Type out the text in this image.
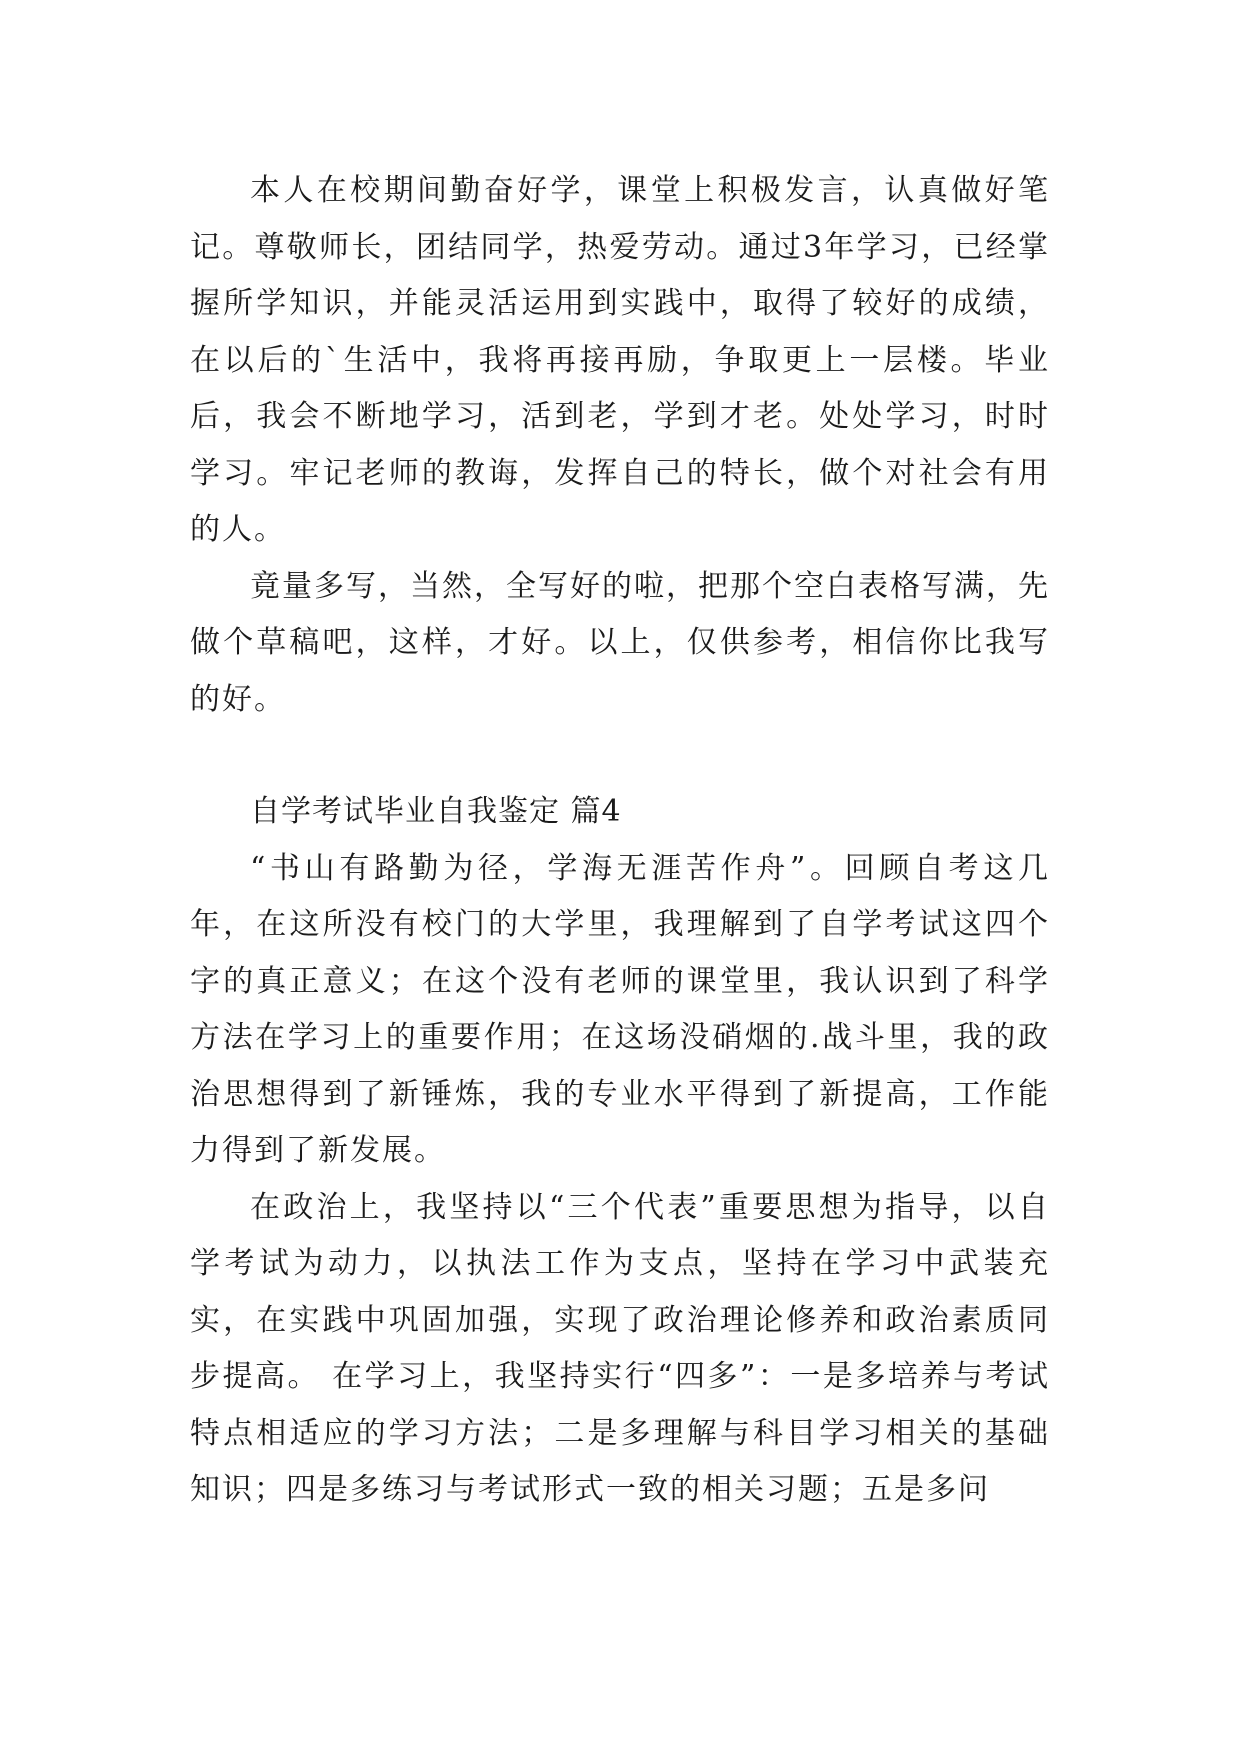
本人在校期间勤奋好学，课堂上积极发言，认真做好笔记。尊敬师长，团结同学，热爱劳动。通过3年学习，已经掌握所学知识，并能灵活运用到实践中，取得了较好的成绩，在以后的`生活中，我将再接再励，争取更上一层楼。毕业后，我会不断地学习，活到老，学到才老。处处学习，时时学习。牢记老师的教诲，发挥自己的特长，做个对社会有用的人。

竟量多写，当然，全写好的啦，把那个空白表格写满，先做个草稿吧，这样，才好。以上，仅供参考，相信你比我写的好。

自学考试毕业自我鉴定 篇4

“书山有路勤为径，学海无涯苦作舟”。回顾自考这几年，在这所没有校门的大学里，我理解到了自学考试这四个字的真正意义；在这个没有老师的课堂里，我认识到了科学方法在学习上的重要作用；在这场没硝烟的.战斗里，我的政治思想得到了新锤炼，我的专业水平得到了新提高，工作能力得到了新发展。

在政治上，我坚持以“三个代表”重要思想为指导，以自学考试为动力，以执法工作为支点，坚持在学习中武装充实，在实践中巩固加强，实现了政治理论修养和政治素质同步提高。 在学习上，我坚持实行“四多”：一是多培养与考试特点相适应的学习方法；二是多理解与科目学习相关的基础知识；四是多练习与考试形式一致的相关习题；五是多问
